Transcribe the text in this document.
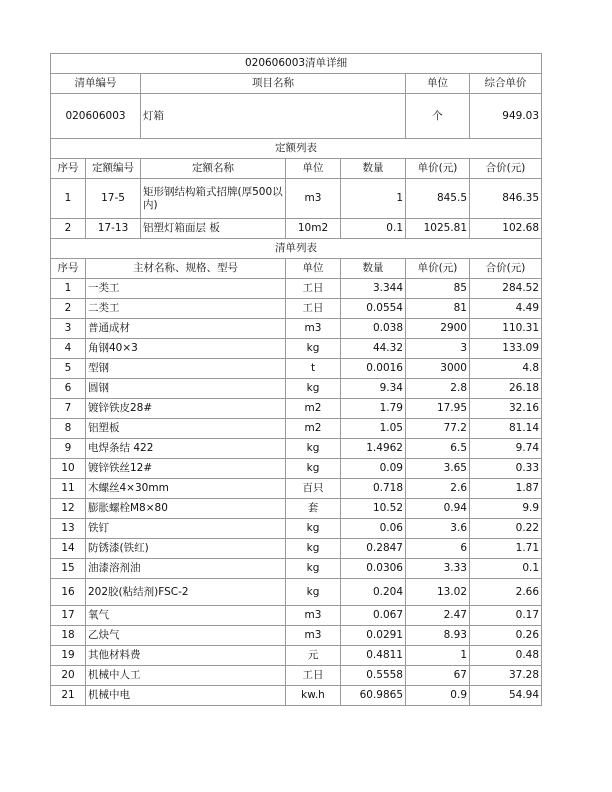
020606003清单详细						
清单编号		项目名称			单位	综合单价
020606003		灯箱			个	949.03
定额列表						
序号	定额编号	定额名称	单位	数量	单价(元)	合价(元)
1	17-5	矩形钢结构箱式招牌(厚500以内)	m3	1	845.5	846.35
2	17-13	铝塑灯箱面层 板	10m2	0.1	1025.81	102.68
清单列表						
序号	主材名称、规格、型号		单位	数量	单价(元)	合价(元)
1	一类工		工日	3.344	85	284.52
2	二类工		工日	0.0554	81	4.49
3	普通成材		m3	0.038	2900	110.31
4	角钢40×3		kg	44.32	3	133.09
5	型钢		t	0.0016	3000	4.8
6	圆钢		kg	9.34	2.8	26.18
7	镀锌铁皮28#		m2	1.79	17.95	32.16
8	铝塑板		m2	1.05	77.2	81.14
9	电焊条结 422		kg	1.4962	6.5	9.74
10	镀锌铁丝12#		kg	0.09	3.65	0.33
11	木螺丝4×30mm		百只	0.718	2.6	1.87
12	膨胀螺栓M8×80		套	10.52	0.94	9.9
13	铁钉		kg	0.06	3.6	0.22
14	防锈漆(铁红)		kg	0.2847	6	1.71
15	油漆溶剂油		kg	0.0306	3.33	0.1
16	202胶(粘结剂)FSC-2		kg	0.204	13.02	2.66
17	氧气		m3	0.067	2.47	0.17
18	乙炔气		m3	0.0291	8.93	0.26
19	其他材料费		元	0.4811	1	0.48
20	机械中人工		工日	0.5558	67	37.28
21	机械中电		kw.h	60.9865	0.9	54.94
